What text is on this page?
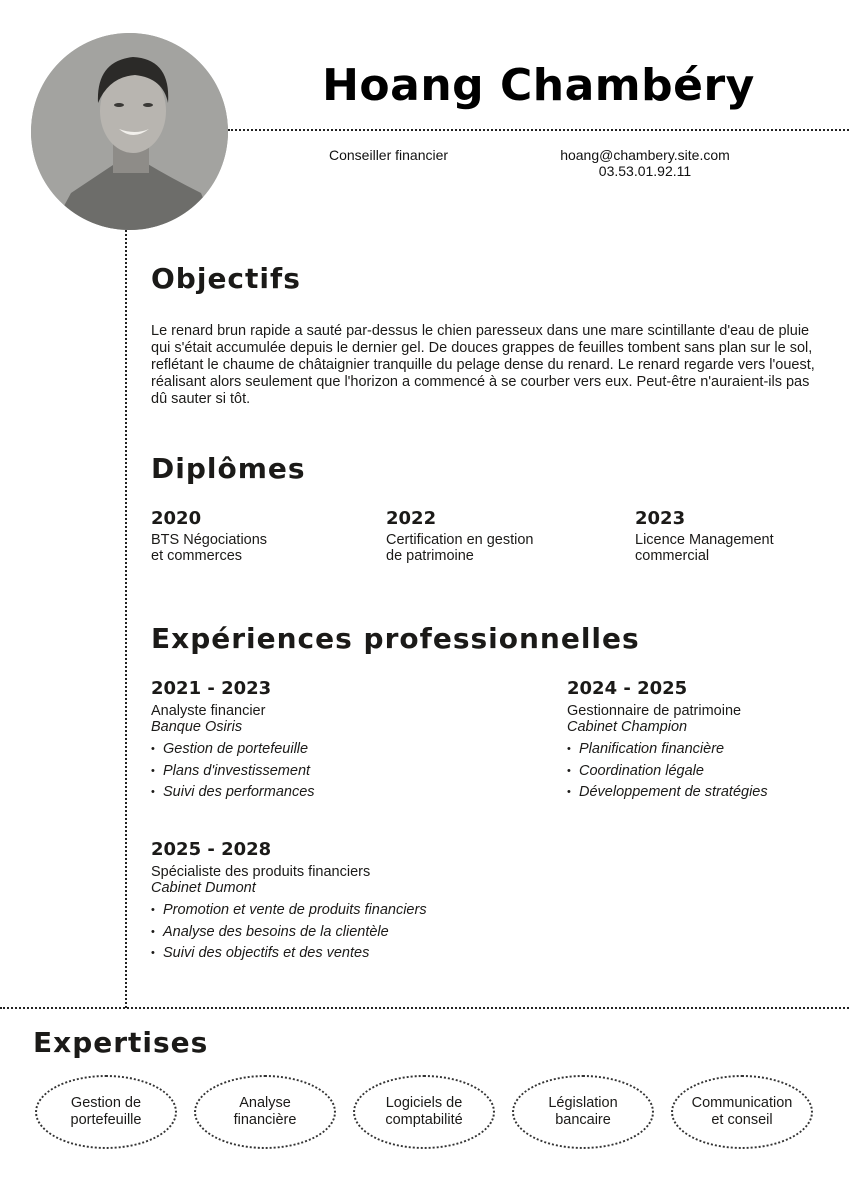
Hoang Chambéry
Conseiller financier	hoang@chambery.site.com
03.53.01.92.11
Objectifs
Le renard brun rapide a sauté par-dessus le chien paresseux dans une mare scintillante d'eau de pluie qui s'était accumulée depuis le dernier gel. De douces grappes de feuilles tombent sans plan sur le sol, reflétant le chaume de châtaignier tranquille du pelage dense du renard. Le renard regarde vers l'ouest, réalisant alors seulement que l'horizon a commencé à se courber vers eux. Peut-être n'auraient-ils pas dû sauter si tôt.
Diplômes
2020
BTS Négociations
et commerces
2022
Certification en gestion
de patrimoine
2023
Licence Management
commercial
Expériences professionnelles
2021 - 2023
Analyste financier
Banque Osiris
• Gestion de portefeuille
• Plans d'investissement
• Suivi des performances
2024 - 2025
Gestionnaire de patrimoine
Cabinet Champion
• Planification financière
• Coordination légale
• Développement de stratégies
2025 - 2028
Spécialiste des produits financiers
Cabinet Dumont
• Promotion et vente de produits financiers
• Analyse des besoins de la clientèle
• Suivi des objectifs et des ventes
Expertises
Gestion de
portefeuille
Analyse
financière
Logiciels de
comptabilité
Législation
bancaire
Communication
et conseil
